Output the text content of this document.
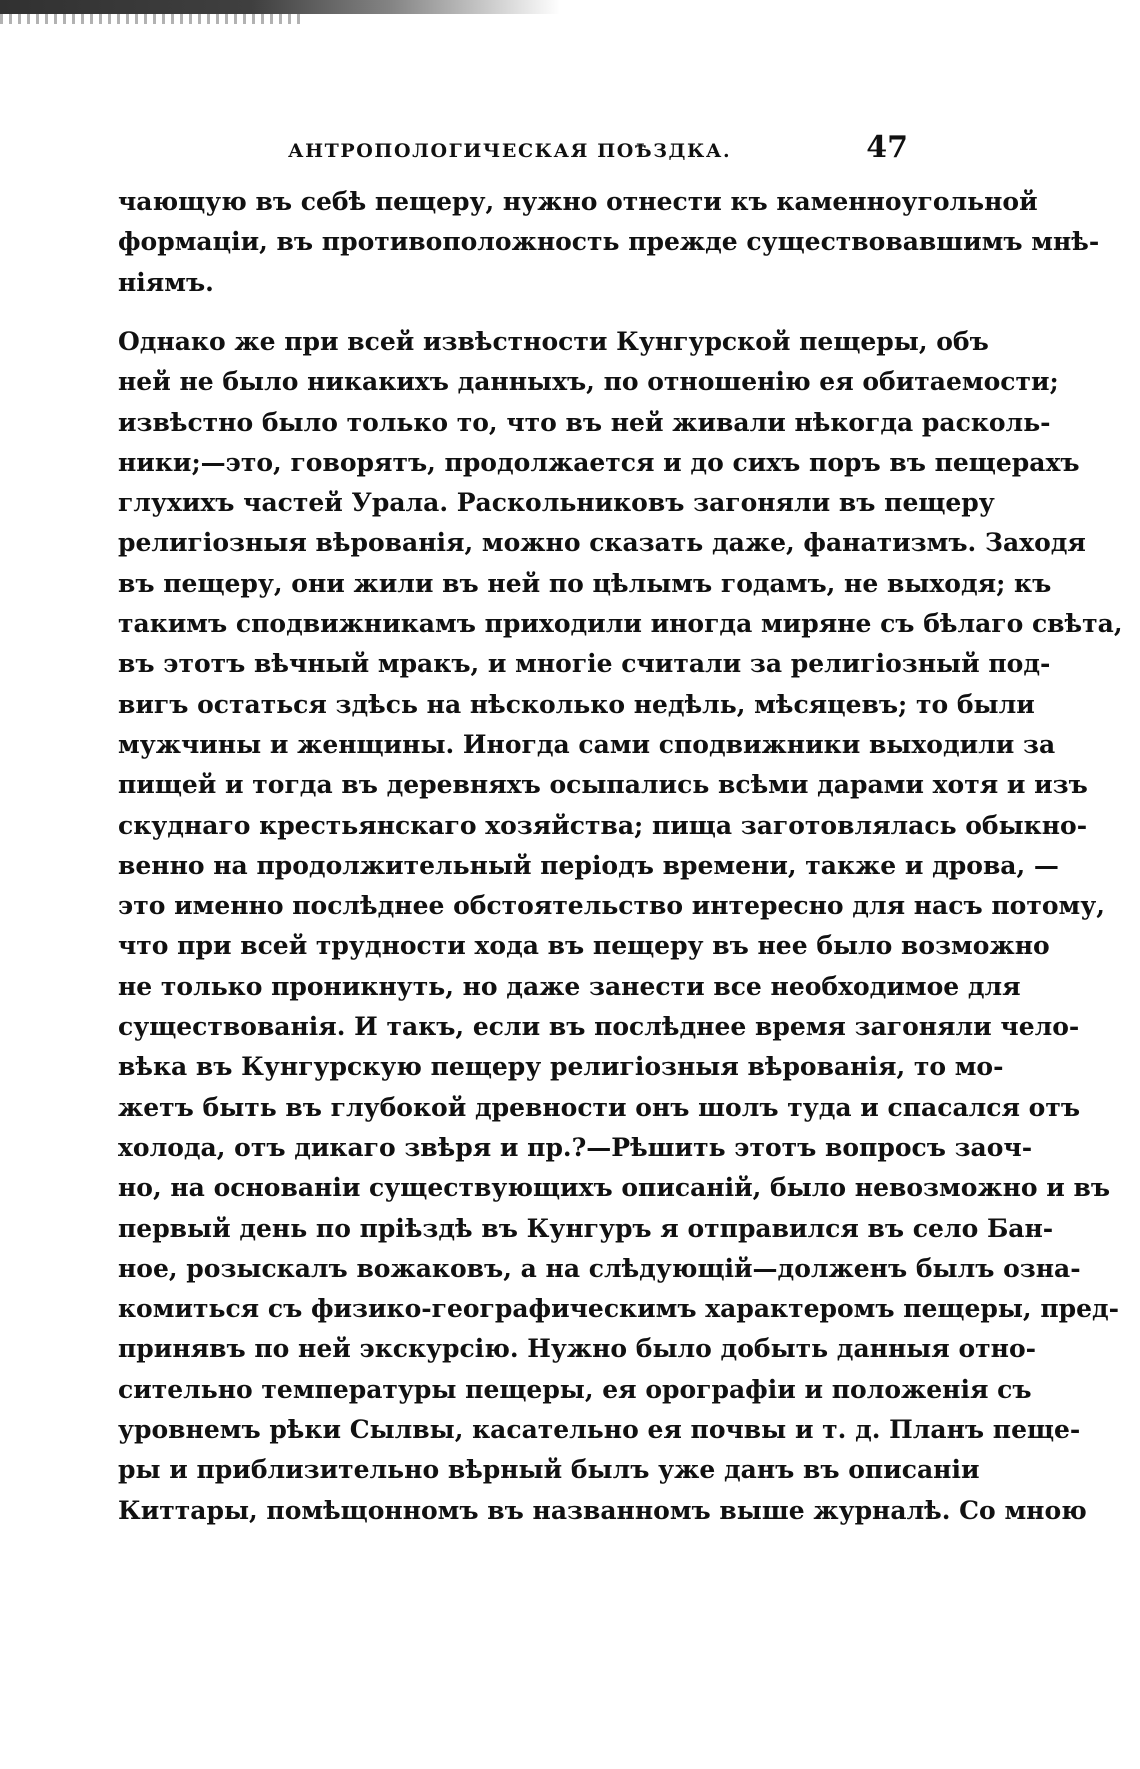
АНТРОПОЛОГИЧЕСКАЯ ПОѢЗДКА.	47
чающую въ себѣ пещеру, нужно отнести къ каменноугольной
формаціи, въ противоположность прежде существовавшимъ мнѣ-
ніямъ.
Однако же при всей извѣстности Кунгурской пещеры, объ
ней не было никакихъ данныхъ, по отношенію ея обитаемости;
извѣстно было только то, что въ ней живали нѣкогда расколь-
ники;—это, говорятъ, продолжается и до сихъ поръ въ пещерахъ
глухихъ частей Урала. Раскольниковъ загоняли въ пещеру
религіозныя вѣрованія, можно сказать даже, фанатизмъ. Заходя
въ пещеру, они жили въ ней по цѣлымъ годамъ, не выходя; къ
такимъ сподвижникамъ приходили иногда миряне съ бѣлаго свѣта,
въ этотъ вѣчный мракъ, и многіе считали за религіозный под-
вигъ остаться здѣсь на нѣсколько недѣль, мѣсяцевъ; то были
мужчины и женщины. Иногда сами сподвижники выходили за
пищей и тогда въ деревняхъ осыпались всѣми дарами хотя и изъ
скуднаго крестьянскаго хозяйства; пища заготовлялась обыкно-
венно на продолжительный періодъ времени, также и дрова, —
это именно послѣднее обстоятельство интересно для насъ потому,
что при всей трудности хода въ пещеру въ нее было возможно
не только проникнуть, но даже занести все необходимое для
существованія. И такъ, если въ послѣднее время загоняли чело-
вѣка въ Кунгурскую пещеру религіозныя вѣрованія, то мо-
жетъ быть въ глубокой древности онъ шолъ туда и спасался отъ
холода, отъ дикаго звѣря и пр.?—Рѣшить этотъ вопросъ заоч-
но, на основаніи существующихъ описаній, было невозможно и въ
первый день по пріѣздѣ въ Кунгуръ я отправился въ село Бан-
ное, розыскалъ вожаковъ, а на слѣдующій—долженъ былъ озна-
комиться съ физико-географическимъ характеромъ пещеры, пред-
принявъ по ней экскурсію. Нужно было добыть данныя отно-
сительно температуры пещеры, ея орографіи и положенія съ
уровнемъ рѣки Сылвы, касательно ея почвы и т. д. Планъ пеще-
ры и приблизительно вѣрный былъ уже данъ въ описаніи
Киттары, помѣщонномъ въ названномъ выше журналѣ. Со мною
